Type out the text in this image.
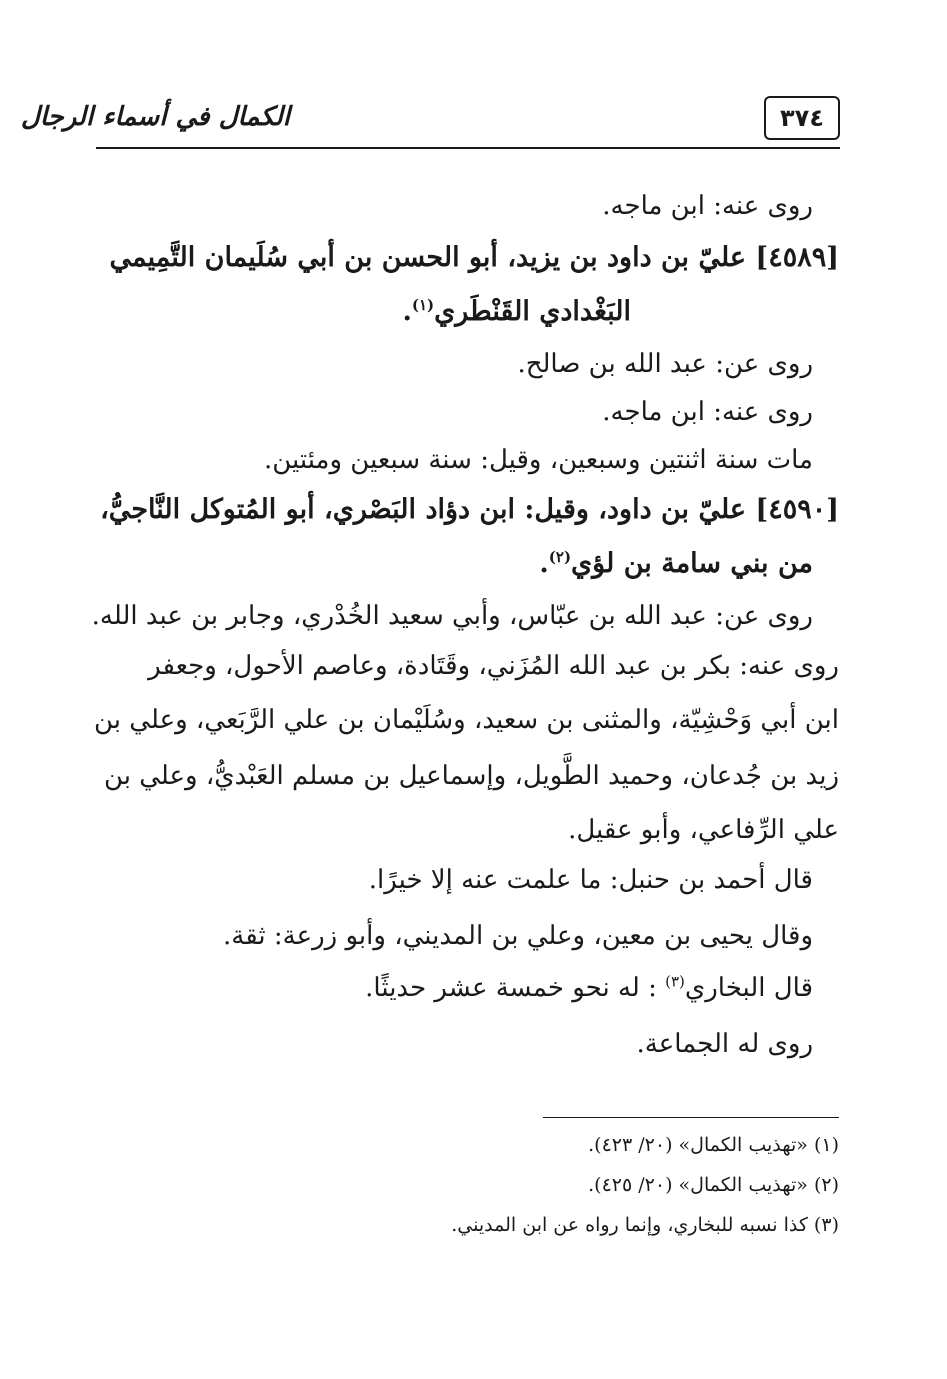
٣٧٤
الكمال في أسماء الرجال
روى عنه: ابن ماجه.
[٤٥٨٩] عليّ بن داود بن يزيد، أبو الحسن بن أبي سُلَيمان التَّمِيمي
البَغْدادي القَنْطَري$^{(١)}$.
روى عن: عبد الله بن صالح.
روى عنه: ابن ماجه.
مات سنة اثنتين وسبعين، وقيل: سنة سبعين ومئتين.
[٤٥٩٠] عليّ بن داود، وقيل: ابن دؤاد البَصْري، أبو المُتوكل النَّاجيُّ،
من بني سامة بن لؤي$^{(٢)}$.
روى عن: عبد الله بن عبّاس، وأبي سعيد الخُدْري، وجابر بن عبد الله.
روى عنه: بكر بن عبد الله المُزَني، وقَتَادة، وعاصم الأحول، وجعفر
ابن أبي وَحْشِيّة، والمثنى بن سعيد، وسُلَيْمان بن علي الرَّبَعي، وعلي بن
زيد بن جُدعان، وحميد الطَّويل، وإسماعيل بن مسلم العَبْديُّ، وعلي بن
علي الرِّفاعي، وأبو عقيل.
قال أحمد بن حنبل: ما علمت عنه إلا خيرًا.
وقال يحيى بن معين، وعلي بن المديني، وأبو زرعة: ثقة.
قال البخاري$^{(٣)}$ : له نحو خمسة عشر حديثًا.
روى له الجماعة.
(١) «تهذيب الكمال» (٢٠/ ٤٢٣).
(٢) «تهذيب الكمال» (٢٠/ ٤٢٥).
(٣) كذا نسبه للبخاري، وإنما رواه عن ابن المديني.
